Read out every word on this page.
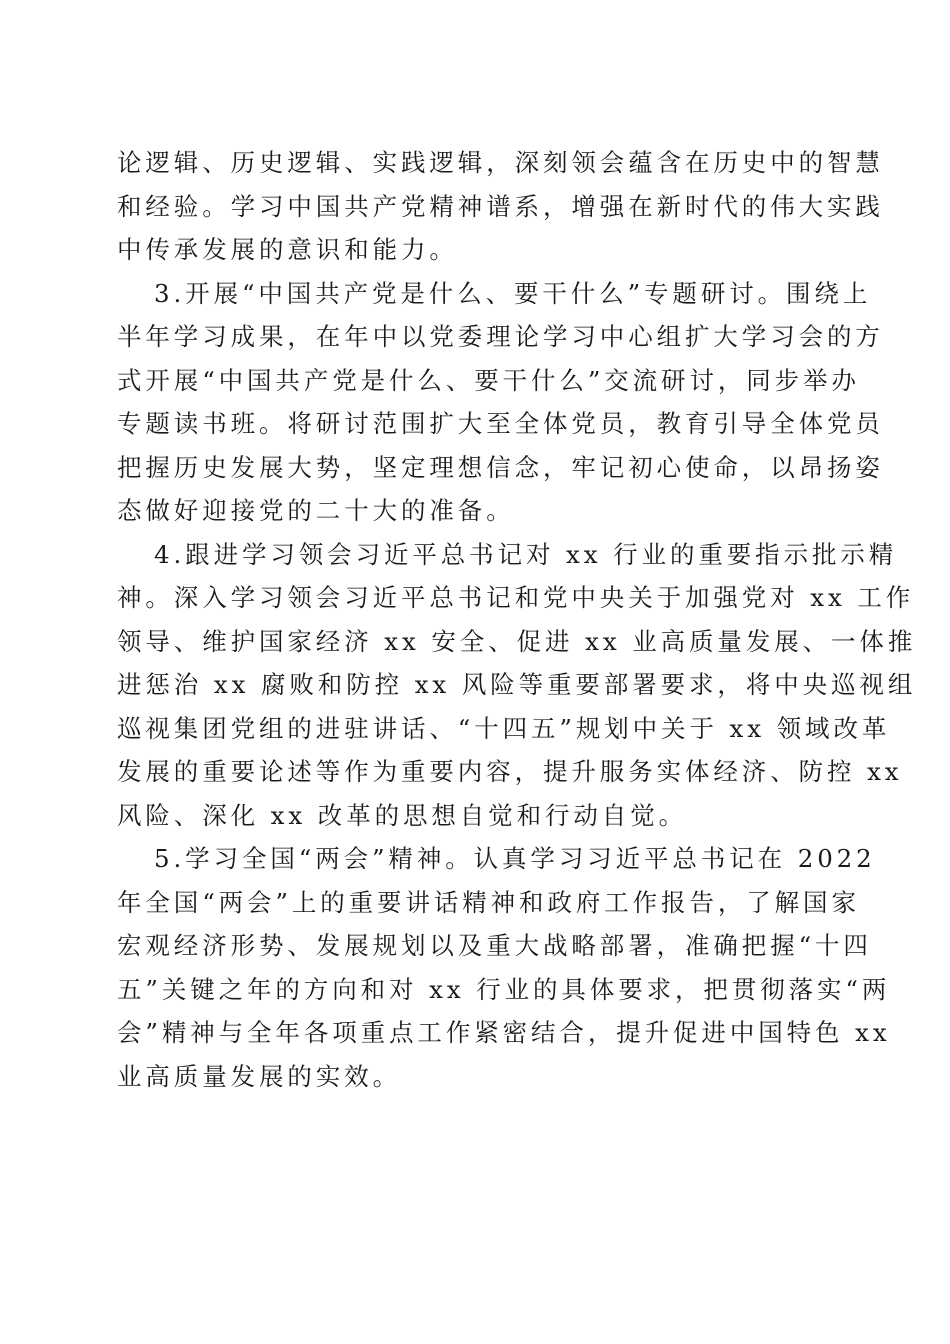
论逻辑、历史逻辑、实践逻辑，深刻领会蕴含在历史中的智慧
和经验。学习中国共产党精神谱系，增强在新时代的伟大实践
中传承发展的意识和能力。
3.开展“中国共产党是什么、要干什么”专题研讨。围绕上
半年学习成果，在年中以党委理论学习中心组扩大学习会的方
式开展“中国共产党是什么、要干什么”交流研讨，同步举办
专题读书班。将研讨范围扩大至全体党员，教育引导全体党员
把握历史发展大势，坚定理想信念，牢记初心使命，以昂扬姿
态做好迎接党的二十大的准备。
4.跟进学习领会习近平总书记对 xx 行业的重要指示批示精
神。深入学习领会习近平总书记和党中央关于加强党对 xx 工作
领导、维护国家经济 xx 安全、促进 xx 业高质量发展、一体推
进惩治 xx 腐败和防控 xx 风险等重要部署要求，将中央巡视组
巡视集团党组的进驻讲话、“十四五”规划中关于 xx 领域改革
发展的重要论述等作为重要内容，提升服务实体经济、防控 xx
风险、深化 xx 改革的思想自觉和行动自觉。
5.学习全国“两会”精神。认真学习习近平总书记在 2022
年全国“两会”上的重要讲话精神和政府工作报告，了解国家
宏观经济形势、发展规划以及重大战略部署，准确把握“十四
五”关键之年的方向和对 xx 行业的具体要求，把贯彻落实“两
会”精神与全年各项重点工作紧密结合，提升促进中国特色 xx
业高质量发展的实效。
